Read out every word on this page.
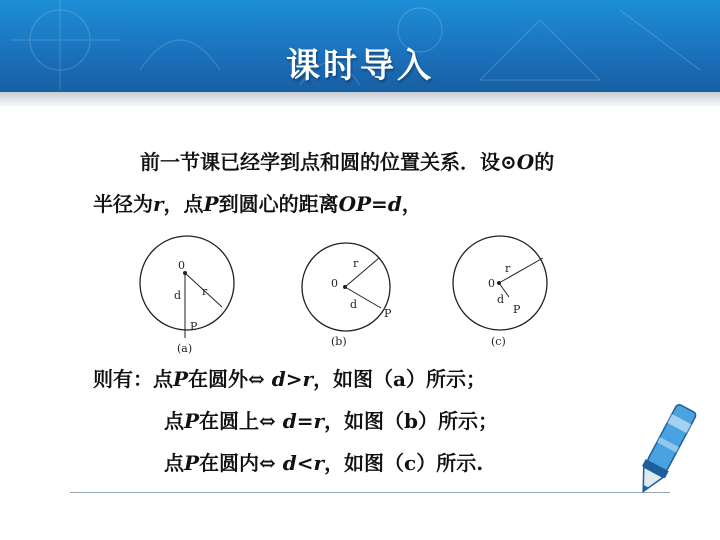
课时导入
前一节课已经学到点和圆的位置关系．设⊙O的
半径为r，点P到圆心的距离OP=d，
0
r
d
P
(a)
0
r
d
P
(b)
0
r
d
P
(c)
则有：点P在圆外⇔ d>r，如图（a）所示；
点P在圆上⇔ d=r，如图（b）所示；
点P在圆内⇔ d<r，如图（c）所示.
